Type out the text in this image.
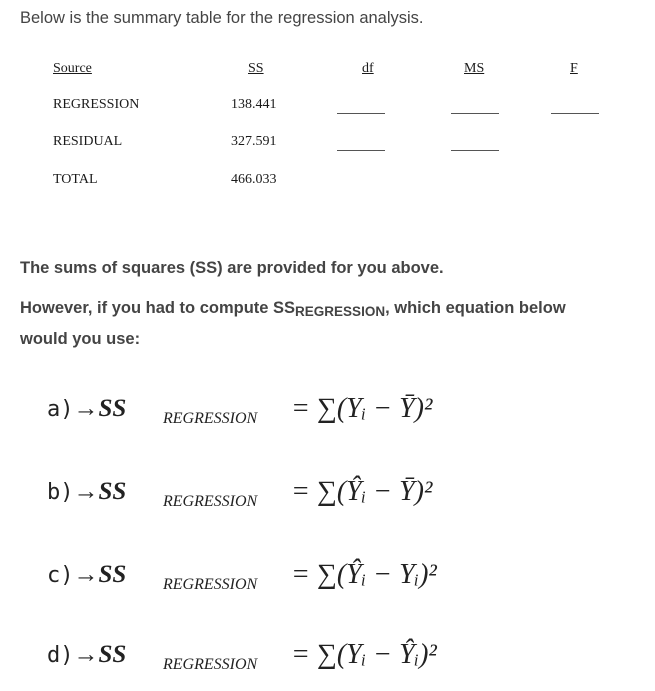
Below is the summary table for the regression analysis.
Source	SS	df	MS	F
REGRESSION	138.441
RESIDUAL	327.591
TOTAL	466.033
The sums of squares (SS) are provided for you above.
However, if you had to compute SSREGRESSION, which equation below
would you use:
a)→SS REGRESSION = ∑(Yᵢ − Ȳ)²
b)→SS REGRESSION = ∑(Ŷᵢ − Ȳ)²
c)→SS REGRESSION = ∑(Ŷᵢ − Yᵢ)²
d)→SS REGRESSION = ∑(Yᵢ − Ŷᵢ)²
